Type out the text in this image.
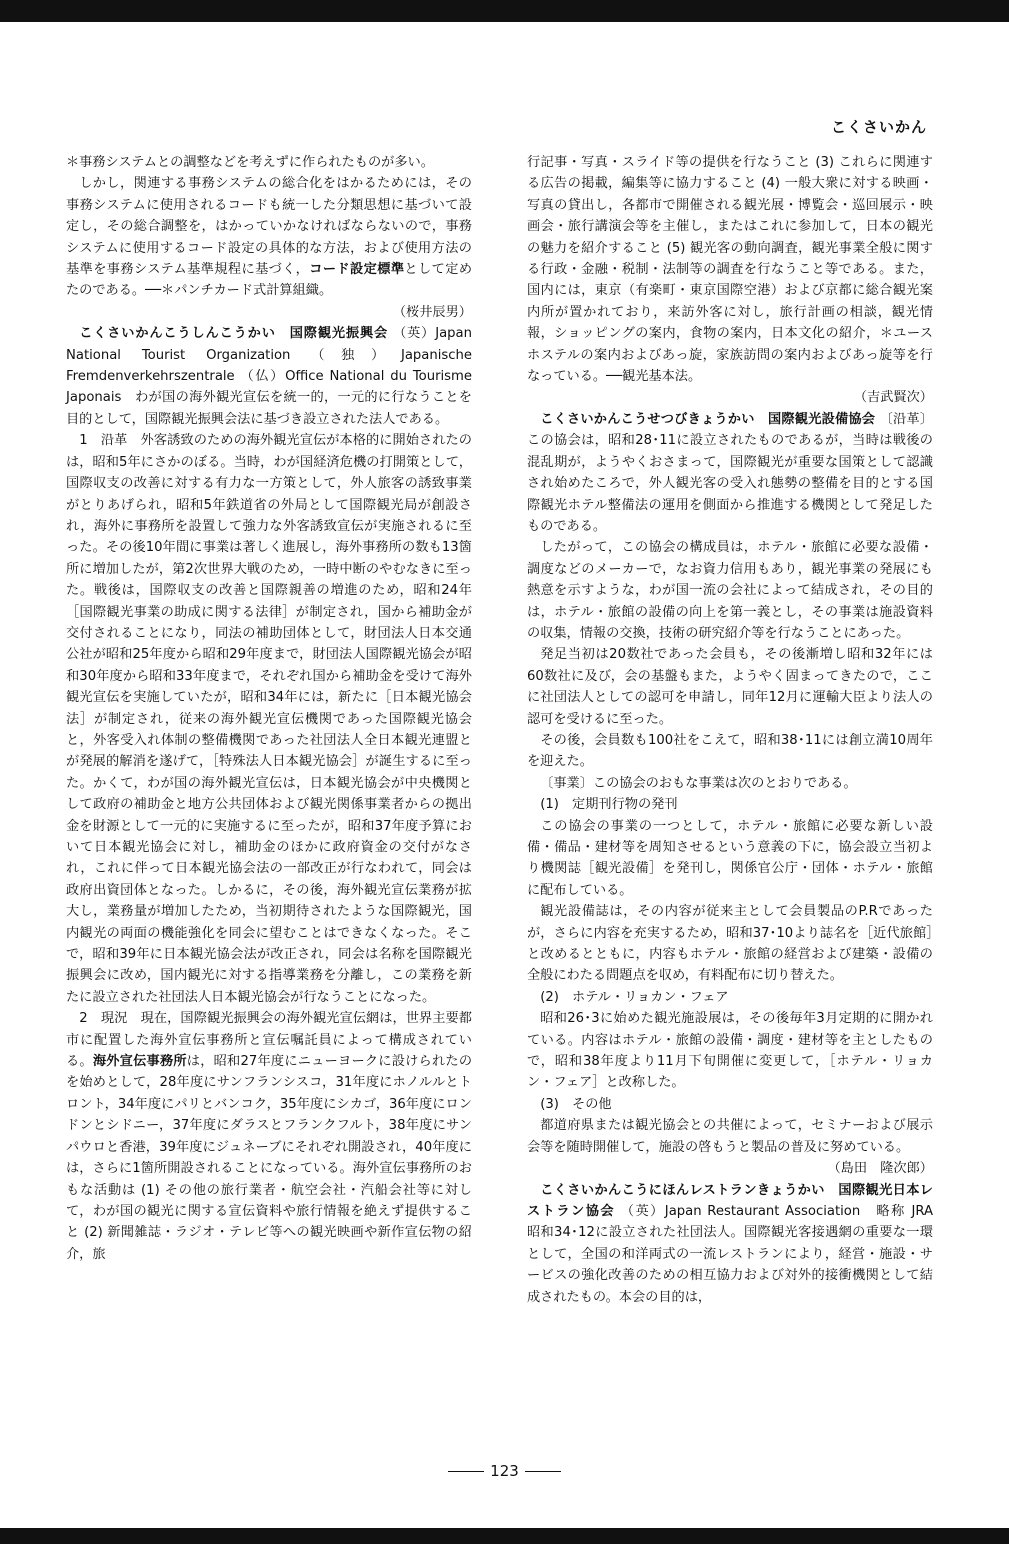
こくさいかん

＊事務システムとの調整などを考えずに作られたものが多い。

しかし，関連する事務システムの総合化をはかるためには，その事務システムに使用されるコードも統一した分類思想に基づいて設定し，その総合調整を，はかっていかなければならないので，事務システムに使用するコード設定の具体的な方法，および使用方法の基準を事務システム基準規程に基づく，コード設定標準として定めたのである。──＊パンチカード式計算組織。

（桜井辰男）

こくさいかんこうしんこうかい　国際観光振興会 （英）Japan National Tourist Organization （独）Japanische Fremdenverkehrszentrale （仏）Office National du Tourisme Japonais　わが国の海外観光宣伝を統一的，一元的に行なうことを目的として，国際観光振興会法に基づき設立された法人である。

1　沿革　外客誘致のための海外観光宣伝が本格的に開始されたのは，昭和5年にさかのぼる。当時，わが国経済危機の打開策として，国際収支の改善に対する有力な一方策として，外人旅客の誘致事業がとりあげられ，昭和5年鉄道省の外局として国際観光局が創設され，海外に事務所を設置して強力な外客誘致宣伝が実施されるに至った。その後10年間に事業は著しく進展し，海外事務所の数も13箇所に増加したが，第2次世界大戦のため，一時中断のやむなきに至った。戦後は，国際収支の改善と国際親善の増進のため，昭和24年［国際観光事業の助成に関する法律］が制定され，国から補助金が交付されることになり，同法の補助団体として，財団法人日本交通公社が昭和25年度から昭和29年度まで，財団法人国際観光協会が昭和30年度から昭和33年度まで，それぞれ国から補助金を受けて海外観光宣伝を実施していたが，昭和34年には，新たに［日本観光協会法］が制定され，従来の海外観光宣伝機関であった国際観光協会と，外客受入れ体制の整備機関であった社団法人全日本観光連盟とが発展的解消を遂げて，［特殊法人日本観光協会］が誕生するに至った。かくて，わが国の海外観光宣伝は，日本観光協会が中央機関として政府の補助金と地方公共団体および観光関係事業者からの拠出金を財源として一元的に実施するに至ったが，昭和37年度予算において日本観光協会に対し，補助金のほかに政府資金の交付がなされ，これに伴って日本観光協会法の一部改正が行なわれて，同会は政府出資団体となった。しかるに，その後，海外観光宣伝業務が拡大し，業務量が増加したため，当初期待されたような国際観光，国内観光の両面の機能強化を同会に望むことはできなくなった。そこで，昭和39年に日本観光協会法が改正され，同会は名称を国際観光振興会に改め，国内観光に対する指導業務を分離し，この業務を新たに設立された社団法人日本観光協会が行なうことになった。

2　現況　現在，国際観光振興会の海外観光宣伝網は，世界主要都市に配置した海外宣伝事務所と宣伝嘱託員によって構成されている。海外宣伝事務所は，昭和27年度にニューヨークに設けられたのを始めとして，28年度にサンフランシスコ，31年度にホノルルとトロント，34年度にパリとバンコク，35年度にシカゴ，36年度にロンドンとシドニー，37年度にダラスとフランクフルト，38年度にサンパウロと香港，39年度にジュネーブにそれぞれ開設され，40年度には，さらに1箇所開設されることになっている。海外宣伝事務所のおもな活動は (1) その他の旅行業者・航空会社・汽船会社等に対して，わが国の観光に関する宣伝資料や旅行情報を絶えず提供すること (2) 新聞雑誌・ラジオ・テレビ等への観光映画や新作宣伝物の紹介，旅

行記事・写真・スライド等の提供を行なうこと (3) これらに関連する広告の掲載，編集等に協力すること (4) 一般大衆に対する映画・写真の貸出し，各都市で開催される観光展・博覧会・巡回展示・映画会・旅行講演会等を主催し，またはこれに参加して，日本の観光の魅力を紹介すること (5) 観光客の動向調査，観光事業全般に関する行政・金融・税制・法制等の調査を行なうこと等である。また，国内には，東京（有楽町・東京国際空港）および京都に総合観光案内所が置かれており，来訪外客に対し，旅行計画の相談，観光情報，ショッピングの案内，食物の案内，日本文化の紹介，＊ユースホステルの案内およびあっ旋，家族訪問の案内およびあっ旋等を行なっている。──観光基本法。

（吉武賢次）

こくさいかんこうせつびきょうかい　国際観光設備協会 〔沿革〕この協会は，昭和28･11に設立されたものであるが，当時は戦後の混乱期が，ようやくおさまって，国際観光が重要な国策として認識され始めたころで，外人観光客の受入れ態勢の整備を目的とする国際観光ホテル整備法の運用を側面から推進する機関として発足したものである。

したがって，この協会の構成員は，ホテル・旅館に必要な設備・調度などのメーカーで，なお資力信用もあり，観光事業の発展にも熱意を示すような，わが国一流の会社によって結成され，その目的は，ホテル・旅館の設備の向上を第一義とし，その事業は施設資料の収集，情報の交換，技術の研究紹介等を行なうことにあった。

発足当初は20数社であった会員も，その後漸増し昭和32年には60数社に及び，会の基盤もまた，ようやく固まってきたので，ここに社団法人としての認可を申請し，同年12月に運輸大臣より法人の認可を受けるに至った。

その後，会員数も100社をこえて，昭和38･11には創立満10周年を迎えた。

〔事業〕この協会のおもな事業は次のとおりである。

(1)　定期刊行物の発刊

この協会の事業の一つとして，ホテル・旅館に必要な新しい設備・備品・建材等を周知させるという意義の下に，協会設立当初より機関誌［観光設備］を発刊し，関係官公庁・団体・ホテル・旅館に配布している。

観光設備誌は，その内容が従来主として会員製品のP.Rであったが，さらに内容を充実するため，昭和37･10より誌名を［近代旅館］と改めるとともに，内容もホテル・旅館の経営および建築・設備の全般にわたる問題点を収め，有料配布に切り替えた。

(2)　ホテル・リョカン・フェア

昭和26･3に始めた観光施設展は，その後毎年3月定期的に開かれている。内容はホテル・旅館の設備・調度・建材等を主としたもので，昭和38年度より11月下旬開催に変更して，［ホテル・リョカン・フェア］と改称した。

(3)　その他

都道府県または観光協会との共催によって，セミナーおよび展示会等を随時開催して，施設の啓もうと製品の普及に努めている。

（島田　隆次郎）

こくさいかんこうにほんレストランきょうかい　国際観光日本レストラン協会 （英）Japan Restaurant Association　略称 JRA　昭和34･12に設立された社団法人。国際観光客接遇網の重要な一環として，全国の和洋両式の一流レストランにより，経営・施設・サービスの強化改善のための相互協力および対外的接衝機関として結成されたもの。本会の目的は，

123
